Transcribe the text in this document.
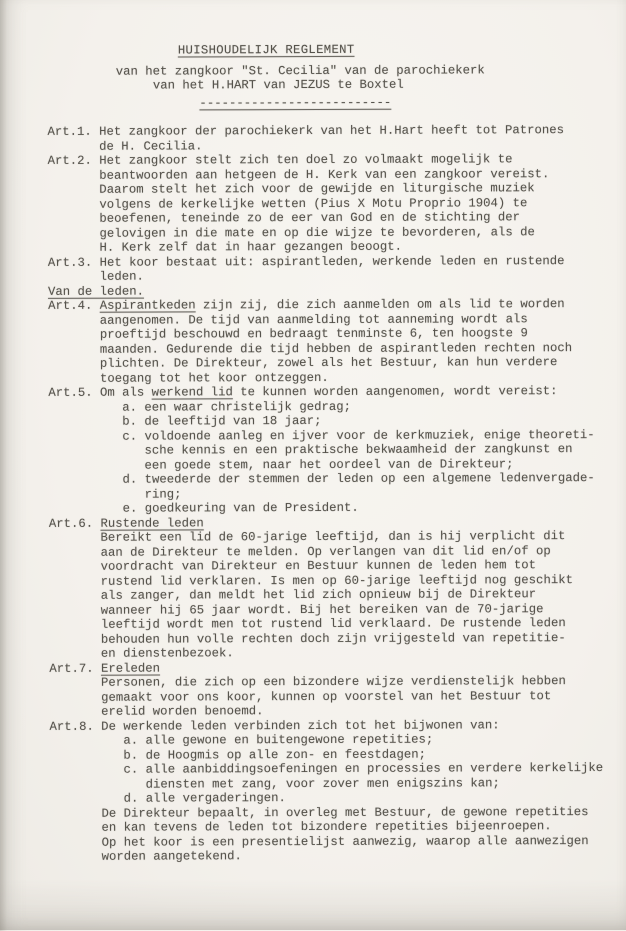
HUISHOUDELIJK REGLEMENT
van het zangkoor "St. Cecilia" van de parochiekerk
van het H.HART van JEZUS te Boxtel
--------------------------
Art.1. Het zangkoor der parochiekerk van het H.Hart heeft tot Patrones
de H. Cecilia.
Art.2. Het zangkoor stelt zich ten doel zo volmaakt mogelijk te
beantwoorden aan hetgeen de H. Kerk van een zangkoor vereist.
Daarom stelt het zich voor de gewijde en liturgische muziek
volgens de kerkelijke wetten (Pius X Motu Proprio 1904) te
beoefenen, teneinde zo de eer van God en de stichting der
gelovigen in die mate en op die wijze te bevorderen, als de
H. Kerk zelf dat in haar gezangen beoogt.
Art.3. Het koor bestaat uit: aspirantleden, werkende leden en rustende
leden.
Van de leden.
Art.4. Aspirantkeden zijn zij, die zich aanmelden om als lid te worden
aangenomen. De tijd van aanmelding tot aanneming wordt als
proeftijd beschouwd en bedraagt tenminste 6, ten hoogste 9
maanden. Gedurende die tijd hebben de aspirantleden rechten noch
plichten. De Direkteur, zowel als het Bestuur, kan hun verdere
toegang tot het koor ontzeggen.
Art.5. Om als werkend lid te kunnen worden aangenomen, wordt vereist:
a. een waar christelijk gedrag;
b. de leeftijd van 18 jaar;
c. voldoende aanleg en ijver voor de kerkmuziek, enige theoreti-
sche kennis en een praktische bekwaamheid der zangkunst en
een goede stem, naar het oordeel van de Direkteur;
d. tweederde der stemmen der leden op een algemene ledenvergade-
ring;
e. goedkeuring van de President.
Art.6. Rustende leden
Bereikt een lid de 60-jarige leeftijd, dan is hij verplicht dit
aan de Direkteur te melden. Op verlangen van dit lid en/of op
voordracht van Direkteur en Bestuur kunnen de leden hem tot
rustend lid verklaren. Is men op 60-jarige leeftijd nog geschikt
als zanger, dan meldt het lid zich opnieuw bij de Direkteur
wanneer hij 65 jaar wordt. Bij het bereiken van de 70-jarige
leeftijd wordt men tot rustend lid verklaard. De rustende leden
behouden hun volle rechten doch zijn vrijgesteld van repetitie-
en dienstenbezoek.
Art.7. Ereleden
Personen, die zich op een bizondere wijze verdienstelijk hebben
gemaakt voor ons koor, kunnen op voorstel van het Bestuur tot
erelid worden benoemd.
Art.8. De werkende leden verbinden zich tot het bijwonen van:
a. alle gewone en buitengewone repetities;
b. de Hoogmis op alle zon- en feestdagen;
c. alle aanbiddingsoefeningen en processies en verdere kerkelijke
diensten met zang, voor zover men enigszins kan;
d. alle vergaderingen.
De Direkteur bepaalt, in overleg met Bestuur, de gewone repetities
en kan tevens de leden tot bizondere repetities bijeenroepen.
Op het koor is een presentielijst aanwezig, waarop alle aanwezigen
worden aangetekend.
